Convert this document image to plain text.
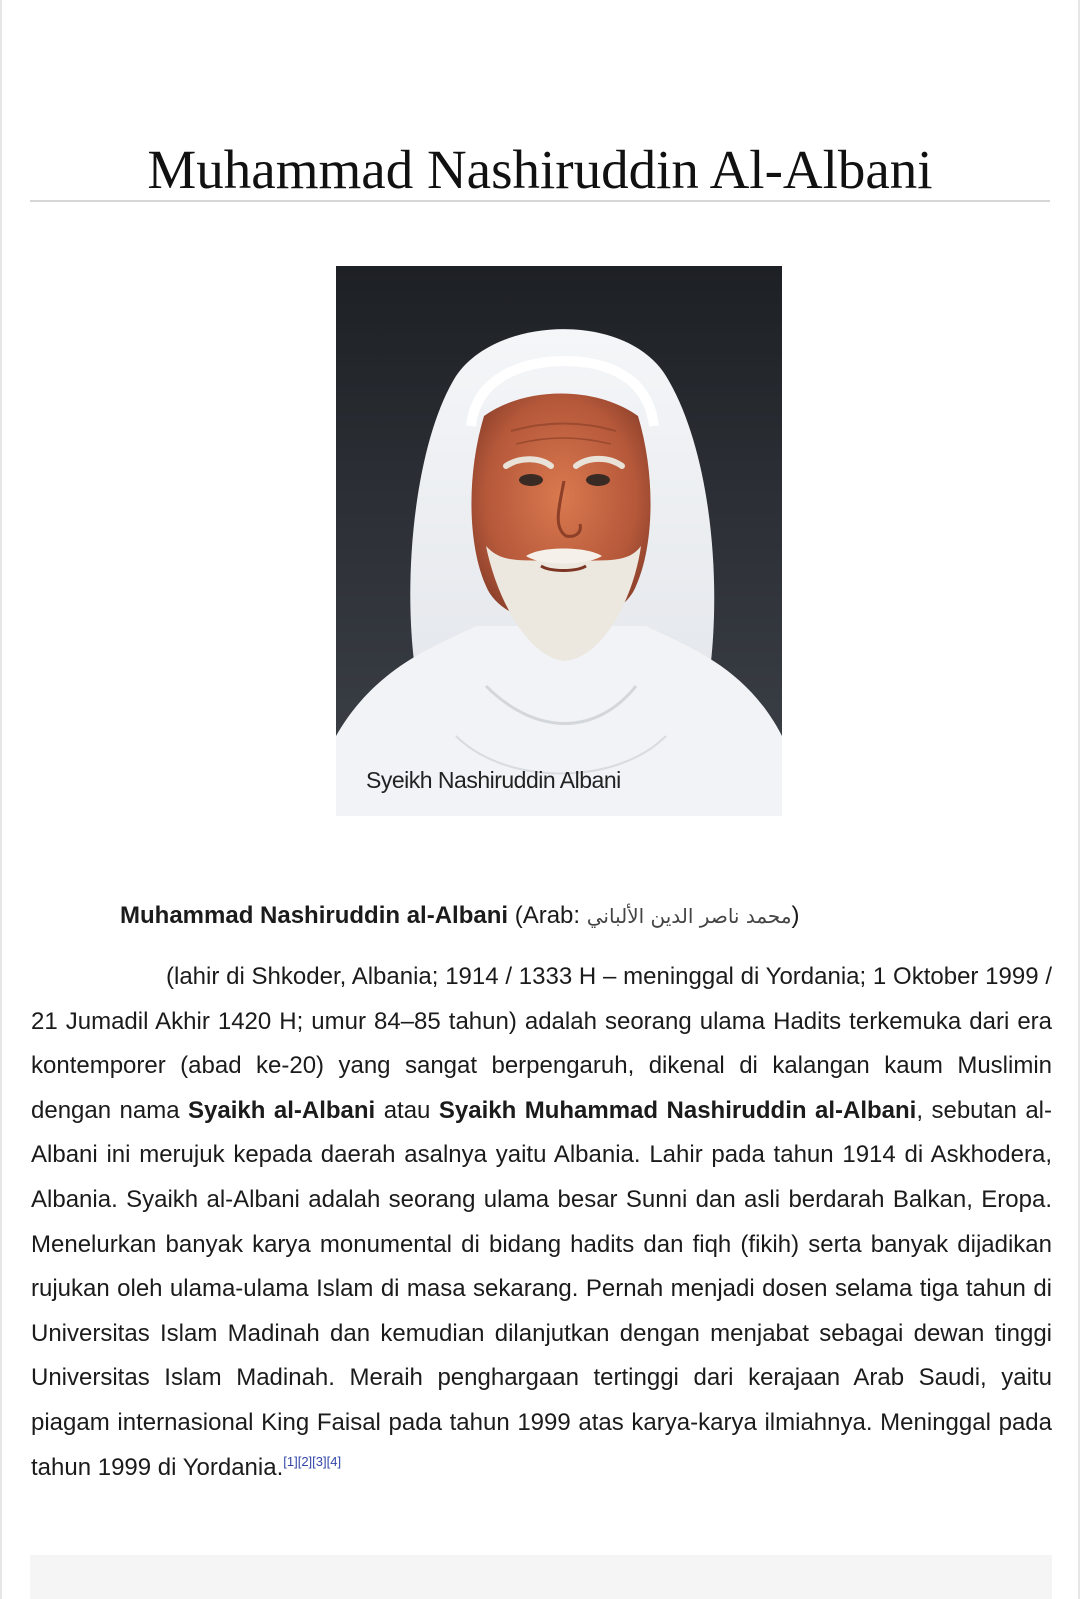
Muhammad Nashiruddin Al-Albani
Syeikh Nashiruddin Albani
Muhammad Nashiruddin al-Albani (Arab: محمد ناصر الدين الألباني)

(lahir di Shkoder, Albania; 1914 / 1333 H – meninggal di Yordania; 1 Oktober 1999 / 21 Jumadil Akhir 1420 H; umur 84–85 tahun) adalah seorang ulama Hadits terkemuka dari era kontemporer (abad ke-20) yang sangat berpengaruh, dikenal di kalangan kaum Muslimin dengan nama Syaikh al-Albani atau Syaikh Muhammad Nashiruddin al-Albani, sebutan al-Albani ini merujuk kepada daerah asalnya yaitu Albania. Lahir pada tahun 1914 di Askhodera, Albania. Syaikh al-Albani adalah seorang ulama besar Sunni dan asli berdarah Balkan, Eropa. Menelurkan banyak karya monumental di bidang hadits dan fiqh (fikih) serta banyak dijadikan rujukan oleh ulama-ulama Islam di masa sekarang. Pernah menjadi dosen selama tiga tahun di Universitas Islam Madinah dan kemudian dilanjutkan dengan menjabat sebagai dewan tinggi Universitas Islam Madinah. Meraih penghargaan tertinggi dari kerajaan Arab Saudi, yaitu piagam internasional King Faisal pada tahun 1999 atas karya-karya ilmiahnya. Meninggal pada tahun 1999 di Yordania.[1][2][3][4]
